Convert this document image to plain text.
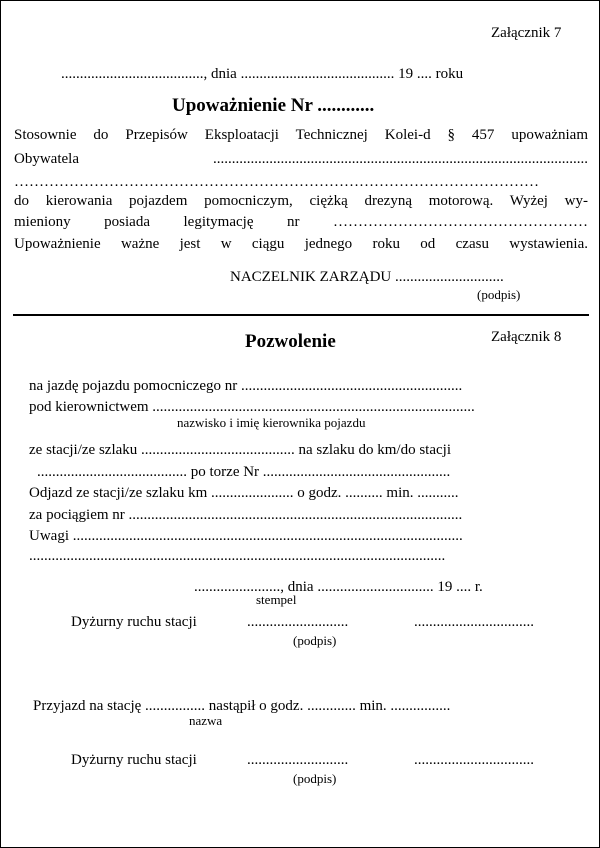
Załącznik 7
......................................, dnia ......................................... 19 .... roku
Upoważnienie Nr ............
Stosownie do Przepisów Eksploatacji Technicznej Kolei-d § 457 upoważniam
Obywatela ....................................................................................................
……………………………………………………………………………………………
do kierowania pojazdem pomocniczym, ciężką drezyną motorową. Wyżej wy-
mieniony posiada legitymację nr ……………………………………………
Upoważnienie ważne jest w ciągu jednego roku od czasu wystawienia.
NACZELNIK ZARZĄDU .............................
(podpis)
Pozwolenie	Załącznik 8
na jazdę pojazdu pomocniczego nr ...........................................................
pod kierownictwem ......................................................................................
nazwisko i imię kierownika pojazdu
ze stacji/ze szlaku ......................................... na szlaku do km/do stacji
........................................ po torze Nr ..................................................
Odjazd ze stacji/ze szlaku km ...................... o godz. .......... min. ...........
za pociągiem nr .........................................................................................
Uwagi ........................................................................................................
...............................................................................................................
......................., dnia ............................... 19 .... r.
stempel
Dyżurny ruchu stacji	...........................	................................
(podpis)
Przyjazd na stację ................ nastąpił o godz. ............. min. ................
nazwa
Dyżurny ruchu stacji	...........................	................................
(podpis)
